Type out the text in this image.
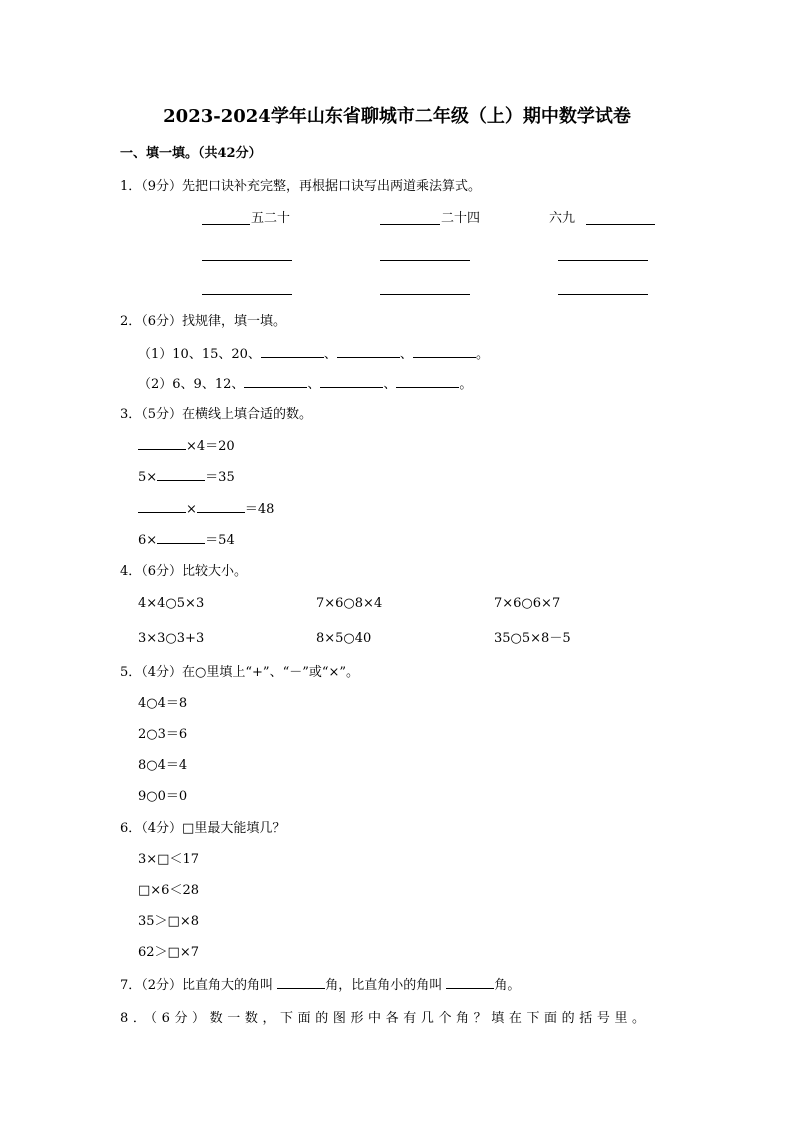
2023-2024学年山东省聊城市二年级（上）期中数学试卷
一、填一填。（共42分）
1．（9分）先把口诀补充完整，再根据口诀写出两道乘法算式。
五二十	二十四	六九
2．（6分）找规律，填一填。
（1）10、15、20、	、	、	。
（2）6、9、12、	、	、	。
3．（5分）在横线上填合适的数。
×4＝20
5×	＝35
×	＝48
6×	＝54
4．（6分）比较大小。
4×4○5×3	7×6○8×4	7×6○6×7
3×3○3+3	8×5○40	35○5×8－5
5．（4分）在○里填上“+”、“－”或“×”。
4○4＝8
2○3＝6
8○4＝4
9○0＝0
6．（4分）□里最大能填几？
3×□＜17
□×6＜28
35＞□×8
62＞□×7
7．（2分）比直角大的角叫	角，比直角小的角叫	角。
8．（6分）数一数，下面的图形中各有几个角？填在下面的括号里。
